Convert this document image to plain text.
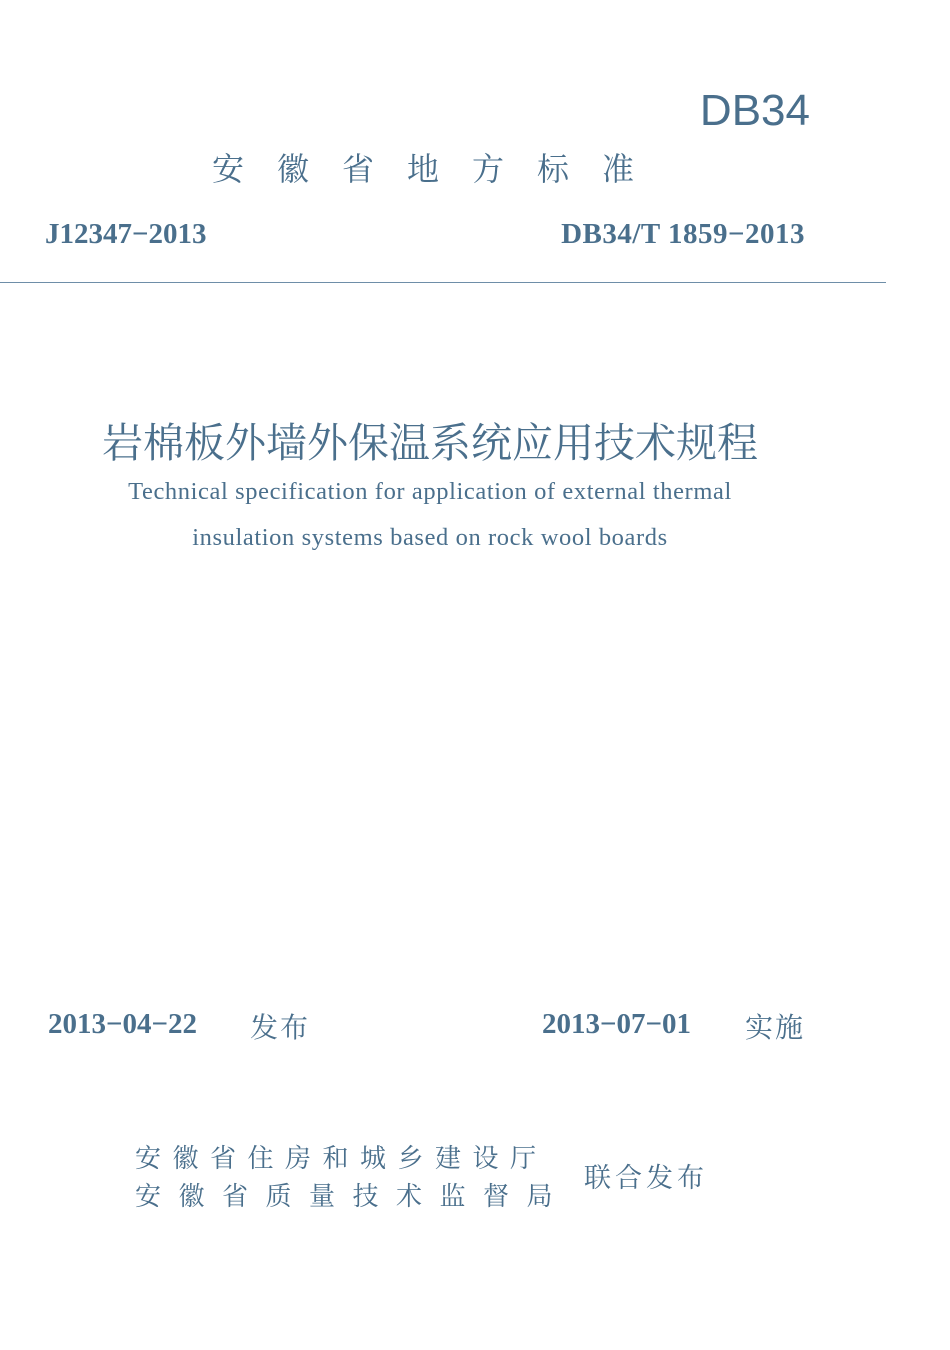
DB34
安徽省地方标准
J12347−2013	DB34/T 1859−2013
岩棉板外墙外保温系统应用技术规程
Technical specification for application of external thermal
insulation systems based on rock wool boards
2013−04−22 发布	2013−07−01 实施
安徽省住房和城乡建设厅
安徽省质量技术监督局
联合发布
